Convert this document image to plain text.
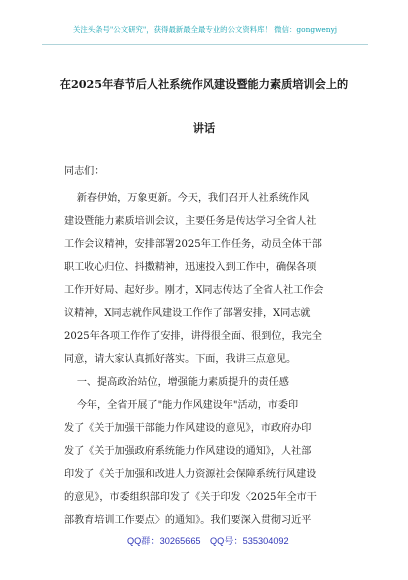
关注头条号"公文研究"，获得最新最全最专业的公文资料库！ 微信：gongwenyj
在2025年春节后人社系统作风建设暨能力素质培训会上的
讲话
同志们：
新春伊始，万象更新。今天，我们召开人社系统作风
建设暨能力素质培训会议，主要任务是传达学习全省人社
工作会议精神，安排部署2025年工作任务，动员全体干部
职工收心归位、抖擞精神，迅速投入到工作中，确保各项
工作开好局、起好步。刚才，X同志传达了全省人社工作会
议精神，X同志就作风建设工作作了部署安排，X同志就
2025年各项工作作了安排，讲得很全面、很到位，我完全
同意，请大家认真抓好落实。下面，我讲三点意见。
一、提高政治站位，增强能力素质提升的责任感
今年，全省开展了"能力作风建设年"活动，市委印
发了《关于加强干部能力作风建设的意见》，市政府办印
发了《关于加强政府系统能力作风建设的通知》，人社部
印发了《关于加强和改进人力资源社会保障系统行风建设
的意见》，市委组织部印发了《关于印发〈2025年全市干
部教育培训工作要点〉的通知》。我们要深入贯彻习近平
QQ群：30265665 QQ号：535304092
